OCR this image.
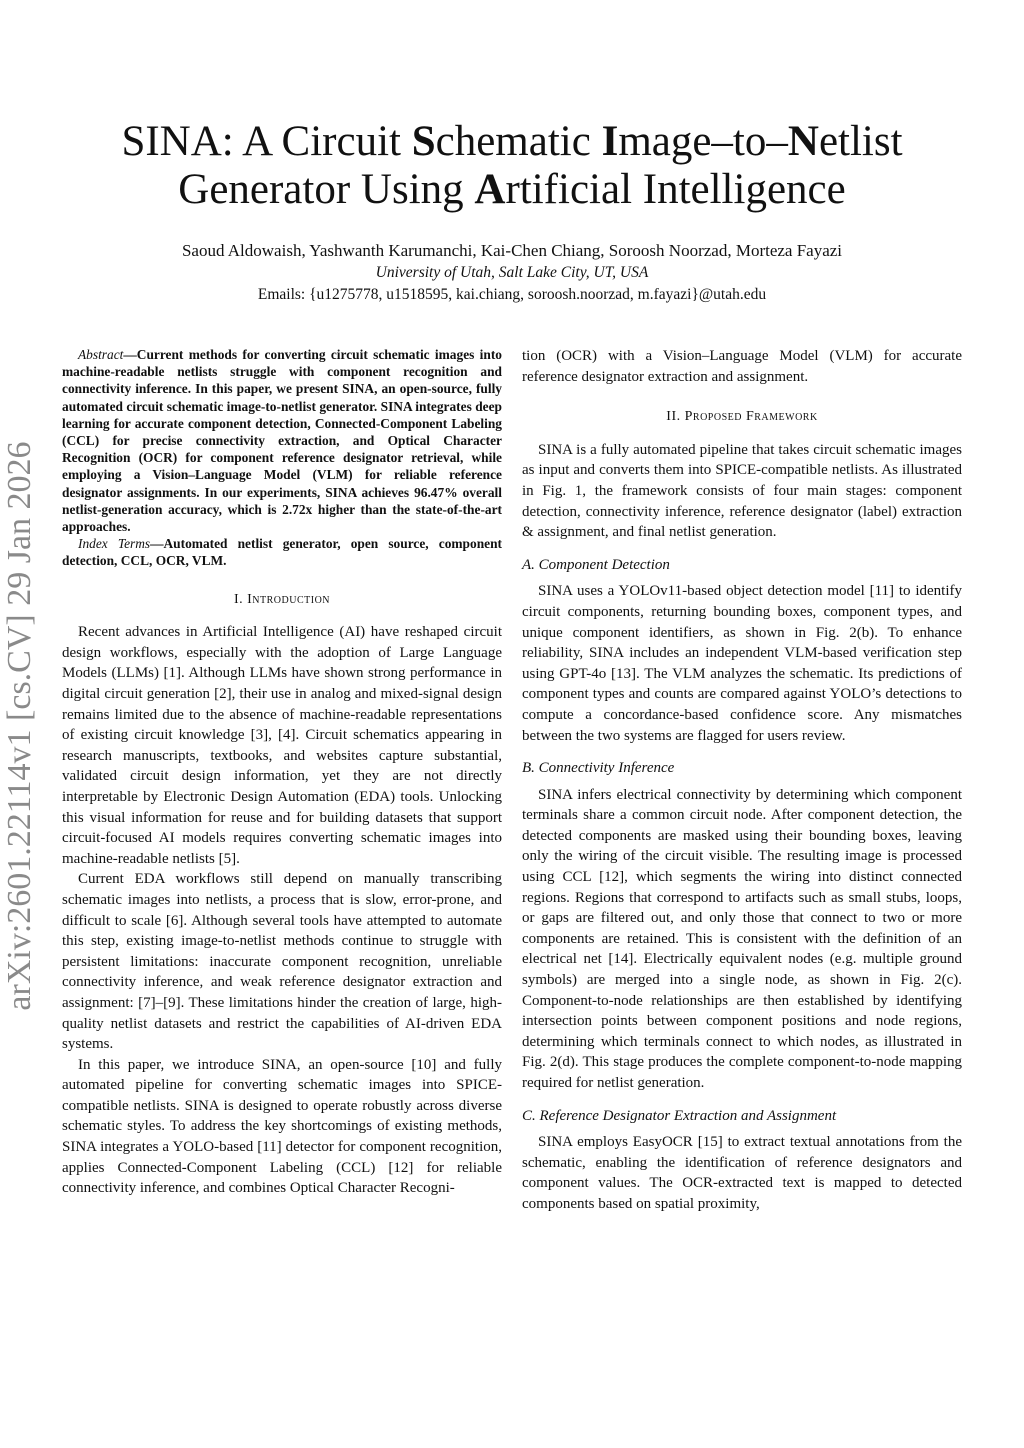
arXiv:2601.22114v1 [cs.CV] 29 Jan 2026
SINA: A Circuit Schematic Image–to–Netlist
Generator Using Artificial Intelligence
Saoud Aldowaish, Yashwanth Karumanchi, Kai-Chen Chiang, Soroosh Noorzad, Morteza Fayazi
University of Utah, Salt Lake City, UT, USA
Emails: {u1275778, u1518595, kai.chiang, soroosh.noorzad, m.fayazi}@utah.edu

Abstract—Current methods for converting circuit schematic images into machine-readable netlists struggle with component recognition and connectivity inference. In this paper, we present SINA, an open-source, fully automated circuit schematic image-to-netlist generator. SINA integrates deep learning for accurate component detection, Connected-Component Labeling (CCL) for precise connectivity extraction, and Optical Character Recognition (OCR) for component reference designator retrieval, while employing a Vision–Language Model (VLM) for reliable reference designator assignments. In our experiments, SINA achieves 96.47% overall netlist-generation accuracy, which is 2.72x higher than the state-of-the-art approaches.

Index Terms—Automated netlist generator, open source, component detection, CCL, OCR, VLM.

I. Introduction

Recent advances in Artificial Intelligence (AI) have reshaped circuit design workflows, especially with the adoption of Large Language Models (LLMs) [1]. Although LLMs have shown strong performance in digital circuit generation [2], their use in analog and mixed-signal design remains limited due to the absence of machine-readable representations of existing circuit knowledge [3], [4]. Circuit schematics appearing in research manuscripts, textbooks, and websites capture substantial, validated circuit design information, yet they are not directly interpretable by Electronic Design Automation (EDA) tools. Unlocking this visual information for reuse and for building datasets that support circuit-focused AI models requires converting schematic images into machine-readable netlists [5].

Current EDA workflows still depend on manually transcribing schematic images into netlists, a process that is slow, error-prone, and difficult to scale [6]. Although several tools have attempted to automate this step, existing image-to-netlist methods continue to struggle with persistent limitations: inaccurate component recognition, unreliable connectivity inference, and weak reference designator extraction and assignment: [7]–[9]. These limitations hinder the creation of large, high-quality netlist datasets and restrict the capabilities of AI-driven EDA systems.

In this paper, we introduce SINA, an open-source [10] and fully automated pipeline for converting schematic images into SPICE-compatible netlists. SINA is designed to operate robustly across diverse schematic styles. To address the key shortcomings of existing methods, SINA integrates a YOLO-based [11] detector for component recognition, applies Connected-Component Labeling (CCL) [12] for reliable connectivity inference, and combines Optical Character Recogni-

tion (OCR) with a Vision–Language Model (VLM) for accurate reference designator extraction and assignment.

II. Proposed Framework

SINA is a fully automated pipeline that takes circuit schematic images as input and converts them into SPICE-compatible netlists. As illustrated in Fig. 1, the framework consists of four main stages: component detection, connectivity inference, reference designator (label) extraction & assignment, and final netlist generation.

A. Component Detection

SINA uses a YOLOv11-based object detection model [11] to identify circuit components, returning bounding boxes, component types, and unique component identifiers, as shown in Fig. 2(b). To enhance reliability, SINA includes an independent VLM-based verification step using GPT-4o [13]. The VLM analyzes the schematic. Its predictions of component types and counts are compared against YOLO’s detections to compute a concordance-based confidence score. Any mismatches between the two systems are flagged for users review.

B. Connectivity Inference

SINA infers electrical connectivity by determining which component terminals share a common circuit node. After component detection, the detected components are masked using their bounding boxes, leaving only the wiring of the circuit visible. The resulting image is processed using CCL [12], which segments the wiring into distinct connected regions. Regions that correspond to artifacts such as small stubs, loops, or gaps are filtered out, and only those that connect to two or more components are retained. This is consistent with the definition of an electrical net [14]. Electrically equivalent nodes (e.g. multiple ground symbols) are merged into a single node, as shown in Fig. 2(c). Component-to-node relationships are then established by identifying intersection points between component positions and node regions, determining which terminals connect to which nodes, as illustrated in Fig. 2(d). This stage produces the complete component-to-node mapping required for netlist generation.

C. Reference Designator Extraction and Assignment

SINA employs EasyOCR [15] to extract textual annotations from the schematic, enabling the identification of reference designators and component values. The OCR-extracted text is mapped to detected components based on spatial proximity,
